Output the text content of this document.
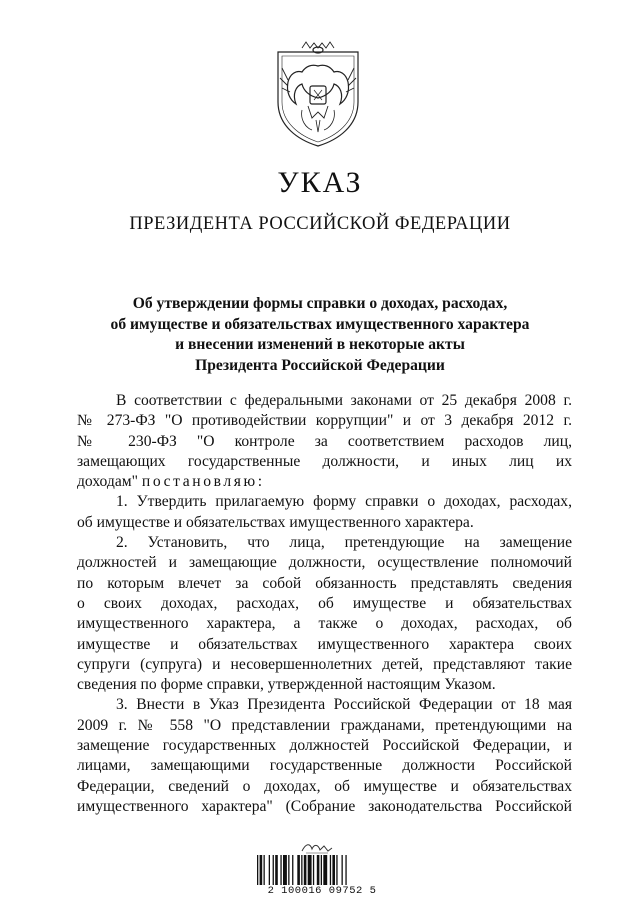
УКАЗ
ПРЕЗИДЕНТА РОССИЙСКОЙ ФЕДЕРАЦИИ
Об утверждении формы справки о доходах, расходах,
об имуществе и обязательствах имущественного характера
и внесении изменений в некоторые акты
Президента Российской Федерации
В соответствии с федеральными законами от 25 декабря 2008 г.
№ 273-ФЗ "О противодействии коррупции" и от 3 декабря 2012 г.
№ 230-ФЗ "О контроле за соответствием расходов лиц,
замещающих государственные должности, и иных лиц их
доходам" постановляю:
1. Утвердить прилагаемую форму справки о доходах, расходах,
об имуществе и обязательствах имущественного характера.
2. Установить, что лица, претендующие на замещение
должностей и замещающие должности, осуществление полномочий
по которым влечет за собой обязанность представлять сведения
о своих доходах, расходах, об имуществе и обязательствах
имущественного характера, а также о доходах, расходах, об
имуществе и обязательствах имущественного характера своих
супруги (супруга) и несовершеннолетних детей, представляют такие
сведения по форме справки, утвержденной настоящим Указом.
3. Внести в Указ Президента Российской Федерации от 18 мая
2009 г. № 558 "О представлении гражданами, претендующими на
замещение государственных должностей Российской Федерации, и
лицами, замещающими государственные должности Российской
Федерации, сведений о доходах, об имуществе и обязательствах
имущественного характера" (Собрание законодательства Российской
2 100016 09752 5
